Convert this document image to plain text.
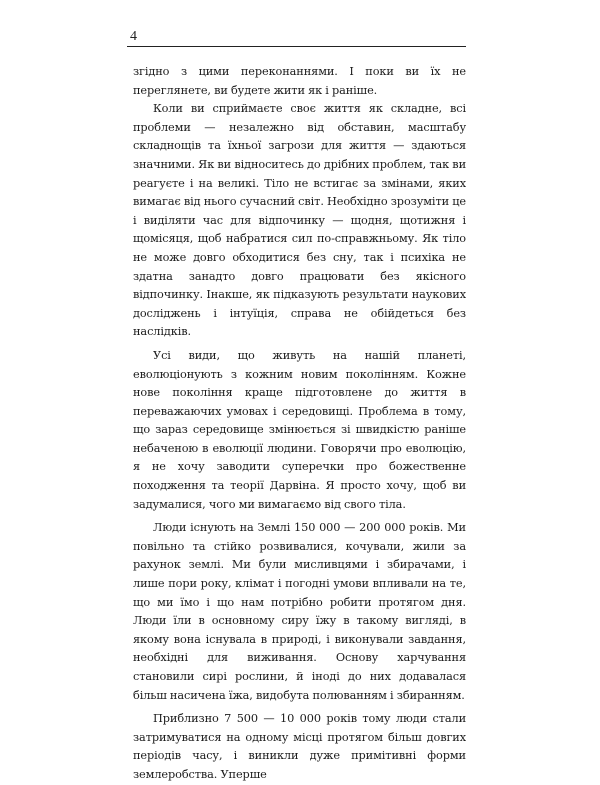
4

згідно з цими переконаннями. І поки ви їх не переглянете, ви будете жити як і раніше.

Коли ви сприймаєте своє життя як складне, всі проблеми — незалежно від обставин, масштабу складнощів та їхньої загрози для життя — здаються значними. Як ви відноситесь до дрібних проблем, так ви реагуєте і на великі. Тіло не встигає за змінами, яких вимагає від нього сучасний світ. Необхідно зрозуміти це і виділяти час для відпочинку — щодня, щотижня і щомісяця, щоб набратися сил по-справжньому. Як тіло не може довго обходитися без сну, так і психіка не здатна занадто довго працювати без якісного відпочинку. Інакше, як підказують результати наукових досліджень і інтуїція, справа не обійдеться без наслідків.

Усі види, що живуть на нашій планеті, еволюціонують з кожним новим поколінням. Кожне нове покоління краще підготовлене до життя в переважаючих умовах і середовищі. Проблема в тому, що зараз середовище змінюється зі швидкістю раніше небаченою в еволюції людини. Говорячи про еволюцію, я не хочу заводити суперечки про божественне походження та теорії Дарвіна. Я просто хочу, щоб ви задумалися, чого ми вимагаємо від свого тіла.

Люди існують на Землі 150 000 — 200 000 років. Ми повільно та стійко розвивалися, кочували, жили за рахунок землі. Ми були мисливцями і збирачами, і лише пори року, клімат і погодні умови впливали на те, що ми їмо і що нам потрібно робити протягом дня. Люди їли в основному сиру їжу в такому вигляді, в якому вона існувала в природі, і виконували завдання, необхідні для виживання. Основу харчування становили сирі рослини, й іноді до них додавалася більш насичена їжа, видобута полюванням і збиранням.

Приблизно 7 500 — 10 000 років тому люди стали затримуватися на одному місці протягом більш довгих періодів часу, і виникли дуже примітивні форми землеробства. Уперше
